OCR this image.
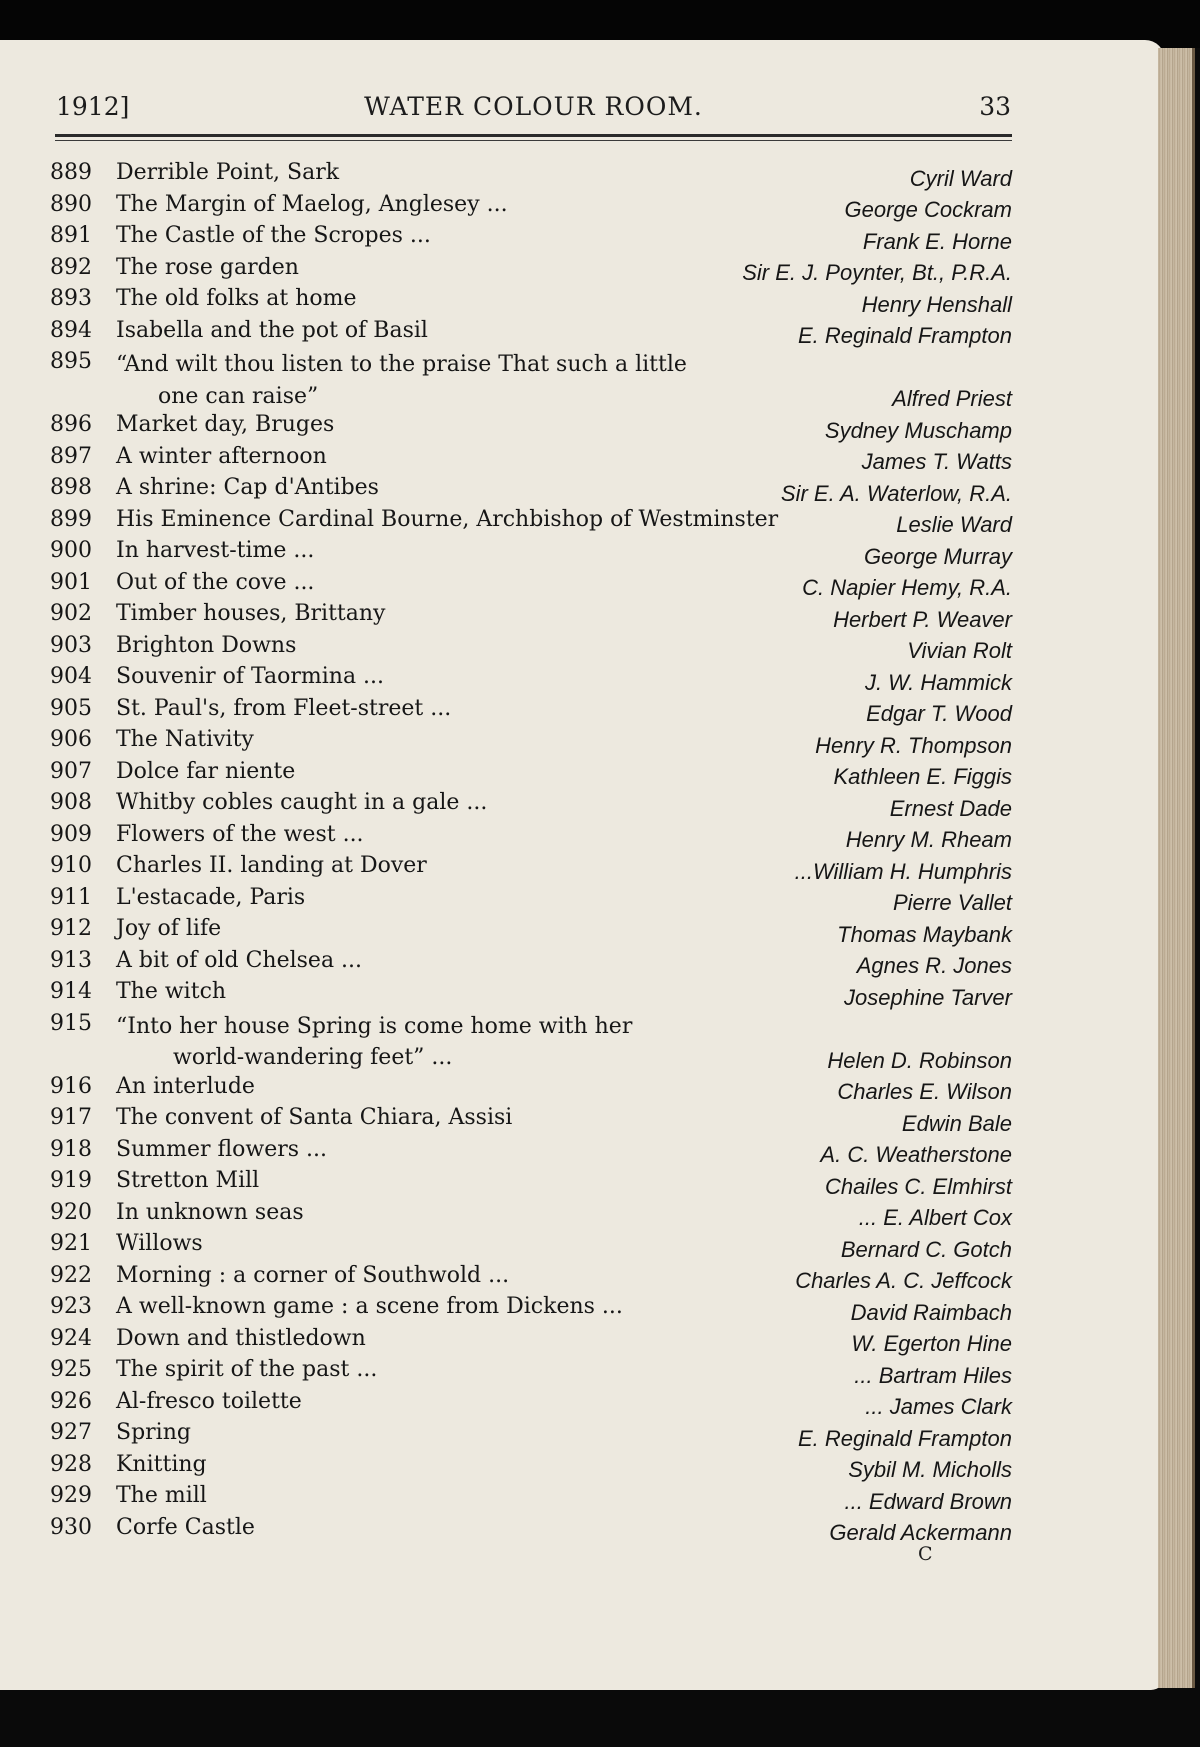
1912]	WATER COLOUR ROOM.	33
889	Derrible Point, Sark	Cyril Ward
890	The Margin of Maelog, Anglesey ...	George Cockram
891	The Castle of the Scropes ...	Frank E. Horne
892	The rose garden	Sir E. J. Poynter, Bt., P.R.A.
893	The old folks at home	Henry Henshall
894	Isabella and the pot of Basil	E. Reginald Frampton
895	“And wilt thou listen to the praise That such a little
one can raise”	Alfred Priest
896	Market day, Bruges	Sydney Muschamp
897	A winter afternoon	James T. Watts
898	A shrine: Cap d'Antibes	Sir E. A. Waterlow, R.A.
899	His Eminence Cardinal Bourne, Archbishop of Westminster	Leslie Ward
900	In harvest-time ...	George Murray
901	Out of the cove ...	C. Napier Hemy, R.A.
902	Timber houses, Brittany	Herbert P. Weaver
903	Brighton Downs	Vivian Rolt
904	Souvenir of Taormina ...	J. W. Hammick
905	St. Paul's, from Fleet-street ...	Edgar T. Wood
906	The Nativity	Henry R. Thompson
907	Dolce far niente	Kathleen E. Figgis
908	Whitby cobles caught in a gale ...	Ernest Dade
909	Flowers of the west ...	Henry M. Rheam
910	Charles II. landing at Dover	...William H. Humphris
911	L'estacade, Paris	Pierre Vallet
912	Joy of life	Thomas Maybank
913	A bit of old Chelsea ...	Agnes R. Jones
914	The witch	Josephine Tarver
915	“Into her house Spring is come home with her
world-wandering feet” ...	Helen D. Robinson
916	An interlude	Charles E. Wilson
917	The convent of Santa Chiara, Assisi	Edwin Bale
918	Summer flowers ...	A. C. Weatherstone
919	Stretton Mill	Chailes C. Elmhirst
920	In unknown seas	... E. Albert Cox
921	Willows	Bernard C. Gotch
922	Morning : a corner of Southwold ...	Charles A. C. Jeffcock
923	A well-known game : a scene from Dickens ...	David Raimbach
924	Down and thistledown	W. Egerton Hine
925	The spirit of the past ...	... Bartram Hiles
926	Al-fresco toilette	... James Clark
927	Spring	E. Reginald Frampton
928	Knitting	Sybil M. Micholls
929	The mill	... Edward Brown
930	Corfe Castle	Gerald Ackermann
C
